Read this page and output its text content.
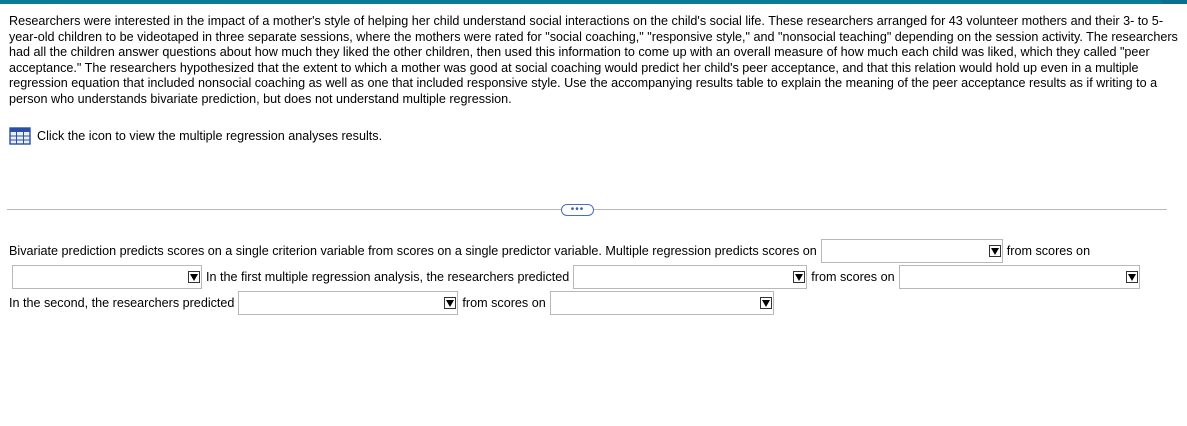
Researchers were interested in the impact of a mother's style of helping her child understand social interactions on the child's social life. These researchers arranged for 43 volunteer mothers and their 3- to 5-year-old children to be videotaped in three separate sessions, where the mothers were rated for "social coaching," "responsive style," and "nonsocial teaching" depending on the session activity. The researchers had all the children answer questions about how much they liked the other children, then used this information to come up with an overall measure of how much each child was liked, which they called "peer acceptance." The researchers hypothesized that the extent to which a mother was good at social coaching would predict her child's peer acceptance, and that this relation would hold up even in a multiple regression equation that included nonsocial coaching as well as one that included responsive style. Use the accompanying results table to explain the meaning of the peer acceptance results as if writing to a person who understands bivariate prediction, but does not understand multiple regression.
Click the icon to view the multiple regression analyses results.
•••
Bivariate prediction predicts scores on a single criterion variable from scores on a single predictor variable. Multiple regression predicts scores on	from scores on
In the first multiple regression analysis, the researchers predicted	from scores on
In the second, the researchers predicted	from scores on
